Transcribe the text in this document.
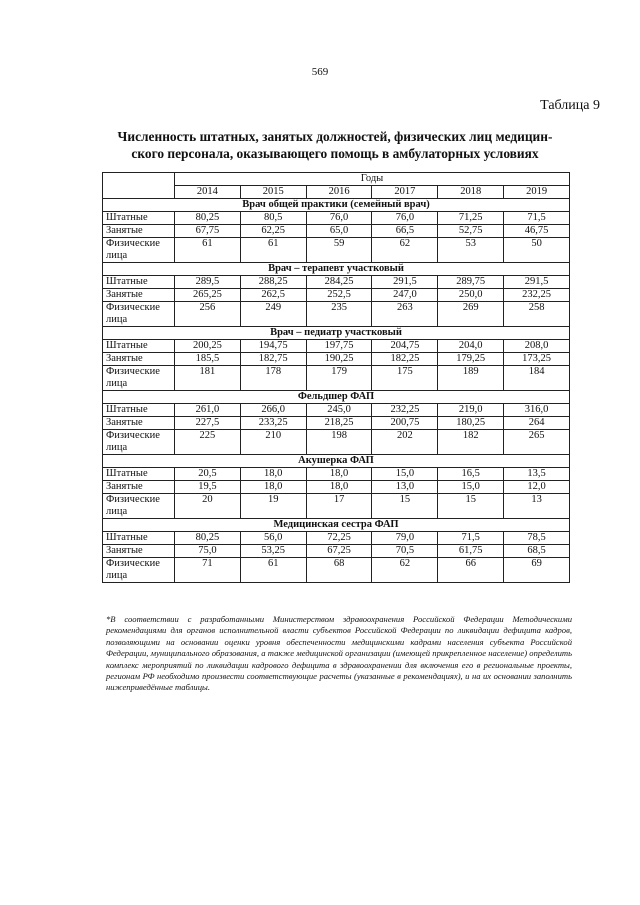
569
Таблица 9
Численность штатных, занятых должностей, физических лиц медицин-
ского персонала, оказывающего помощь в амбулаторных условиях
	Годы					
	2014	2015	2016	2017	2018	2019
Врач общей практики (семейный врач)						
Штатные	80,25	80,5	76,0	76,0	71,25	71,5
Занятые	67,75	62,25	65,0	66,5	52,75	46,75

Физические
лица	61	61	59	62	53	50
Врач – терапевт участковый						
Штатные	289,5	288,25	284,25	291,5	289,75	291,5
Занятые	265,25	262,5	252,5	247,0	250,0	232,25

Физические
лица	256	249	235	263	269	258
Врач – педиатр участковый						
Штатные	200,25	194,75	197,75	204,75	204,0	208,0
Занятые	185,5	182,75	190,25	182,25	179,25	173,25

Физические
лица	181	178	179	175	189	184
Фельдшер ФАП						
Штатные	261,0	266,0	245,0	232,25	219,0	316,0
Занятые	227,5	233,25	218,25	200,75	180,25	264

Физические
лица	225	210	198	202	182	265
Акушерка ФАП						
Штатные	20,5	18,0	18,0	15,0	16,5	13,5
Занятые	19,5	18,0	18,0	13,0	15,0	12,0

Физические
лица	20	19	17	15	15	13
Медицинская сестра ФАП						
Штатные	80,25	56,0	72,25	79,0	71,5	78,5
Занятые	75,0	53,25	67,25	70,5	61,75	68,5

Физические
лица	71	61	68	62	66	69
*В соответствии с разработанными Министерством здравоохранения Российской Федерации Методическими рекомендациями для органов исполнительной власти субъектов Российской Федерации по ликвидации дефицита кадров, позволяющими на основании оценки уровня обеспеченности медицинскими кадрами населения субъекта Российской Федерации, муниципального образования, а также медицинской организации (имеющей прикрепленное население) определить комплекс мероприятий по ликвидации кадрового дефицита в здравоохранении для включения его в региональные проекты, регионам РФ необходимо произвести соответствующие расчеты (указанные в рекомендациях), и на их основании заполнить нижеприведённые таблицы.
